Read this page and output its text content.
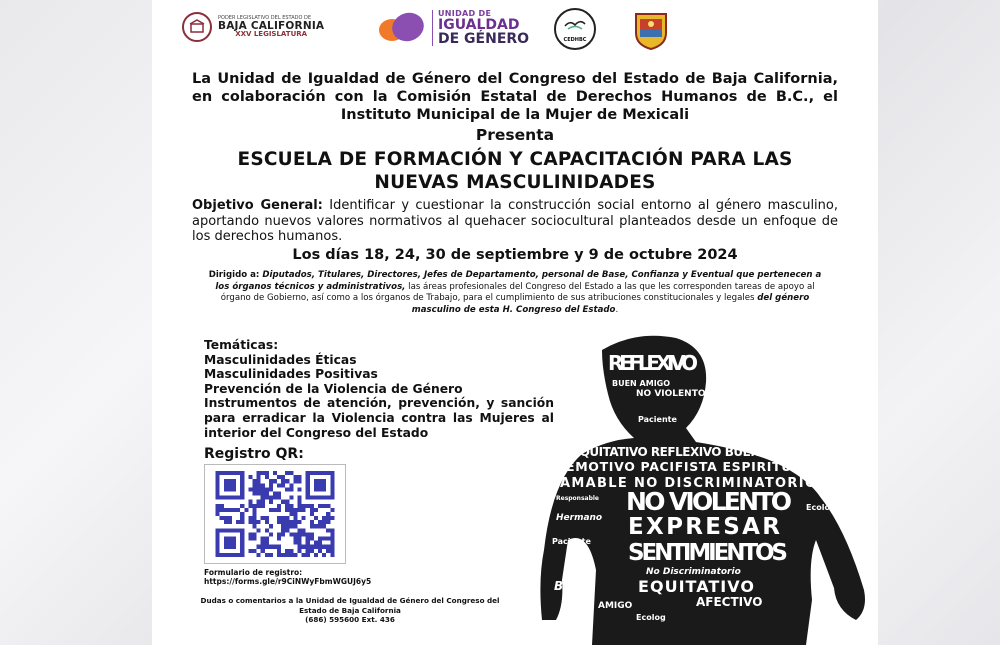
PODER LEGISLATIVO DEL ESTADO DE
BAJA CALIFORNIA
XXV LEGISLATURA
UNIDAD DE
IGUALDAD
DE GÉNERO	CEDHBC
La Unidad de Igualdad de Género del Congreso del Estado de Baja California, en colaboración con la Comisión Estatal de Derechos Humanos de B.C., el Instituto Municipal de la Mujer de Mexicali
Presenta
ESCUELA DE FORMACIÓN Y CAPACITACIÓN PARA LAS
NUEVAS MASCULINIDADES
Objetivo General: Identificar y cuestionar la construcción social entorno al género masculino, aportando nuevos valores normativos al quehacer sociocultural planteados desde un enfoque de los derechos humanos.
Los días 18, 24, 30 de septiembre y 9 de octubre 2024
Dirigido a: Diputados, Titulares, Directores, Jefes de Departamento, personal de Base, Confianza y Eventual que pertenecen a los órganos técnicos y administrativos, las áreas profesionales del Congreso del Estado a las que les corresponden tareas de apoyo al órgano de Gobierno, así como a los órganos de Trabajo, para el cumplimiento de sus atribuciones constitucionales y legales del género masculino de esta H. Congreso del Estado.
Temáticas:
Masculinidades Éticas
Masculinidades Positivas
Prevención de la Violencia de Género
Instrumentos de atención, prevención, y sanción para erradicar la Violencia contra las Mujeres al interior del Congreso del Estado
Registro QR:
Formulario de registro:
https://forms.gle/r9CiNWyFbmWGUJ6y5
Dudas o comentarios a la Unidad de Igualdad de Género del Congreso del
Estado de Baja California
(686) 595600 Ext. 436
REFLEXIVO
BUEN AMIGO
NO VIOLENTO
Paciente
EQUITATIVO REFLEXIVO BUEN PADRE
EMOTIVO PACIFISTA ESPIRITUAL
AMABLE NO DISCRIMINATORIO
NO VIOLENTO
EXPRESAR
SENTIMIENTOS
No Discriminatorio
EQUITATIVO
AFECTIVO
Hermano
Ecológico
Responsable
Paciente
Buen
AMIGO
Ecolog
